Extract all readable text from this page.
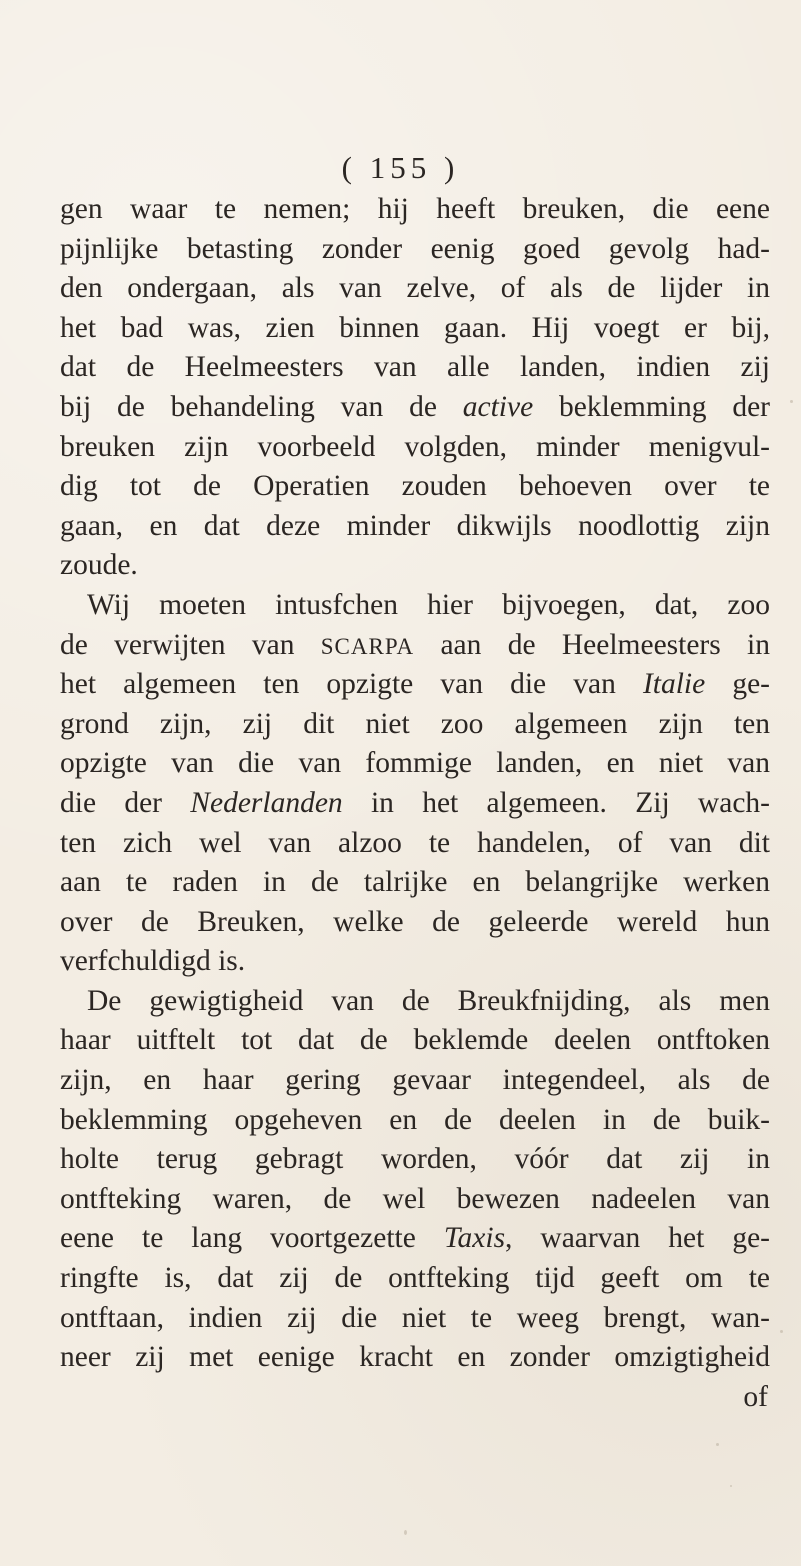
( 155 )
gen waar te nemen; hij heeft breuken, die eene
pijnlijke betasting zonder eenig goed gevolg had-
den ondergaan, als van zelve, of als de lijder in
het bad was, zien binnen gaan. Hij voegt er bij,
dat de Heelmeesters van alle landen, indien zij
bij de behandeling van de active beklemming der
breuken zijn voorbeeld volgden, minder menigvul-
dig tot de Operatien zouden behoeven over te
gaan, en dat deze minder dikwijls noodlottig zijn
zoude.
Wij moeten intusfchen hier bijvoegen, dat, zoo
de verwijten van SCARPA aan de Heelmeesters in
het algemeen ten opzigte van die van Italie ge-
grond zijn, zij dit niet zoo algemeen zijn ten
opzigte van die van fommige landen, en niet van
die der Nederlanden in het algemeen. Zij wach-
ten zich wel van alzoo te handelen, of van dit
aan te raden in de talrijke en belangrijke werken
over de Breuken, welke de geleerde wereld hun
verfchuldigd is.
De gewigtigheid van de Breukfnijding, als men
haar uitftelt tot dat de beklemde deelen ontftoken
zijn, en haar gering gevaar integendeel, als de
beklemming opgeheven en de deelen in de buik-
holte terug gebragt worden, vóór dat zij in
ontfteking waren, de wel bewezen nadeelen van
eene te lang voortgezette Taxis, waarvan het ge-
ringfte is, dat zij de ontfteking tijd geeft om te
ontftaan, indien zij die niet te weeg brengt, wan-
neer zij met eenige kracht en zonder omzigtigheid
of
